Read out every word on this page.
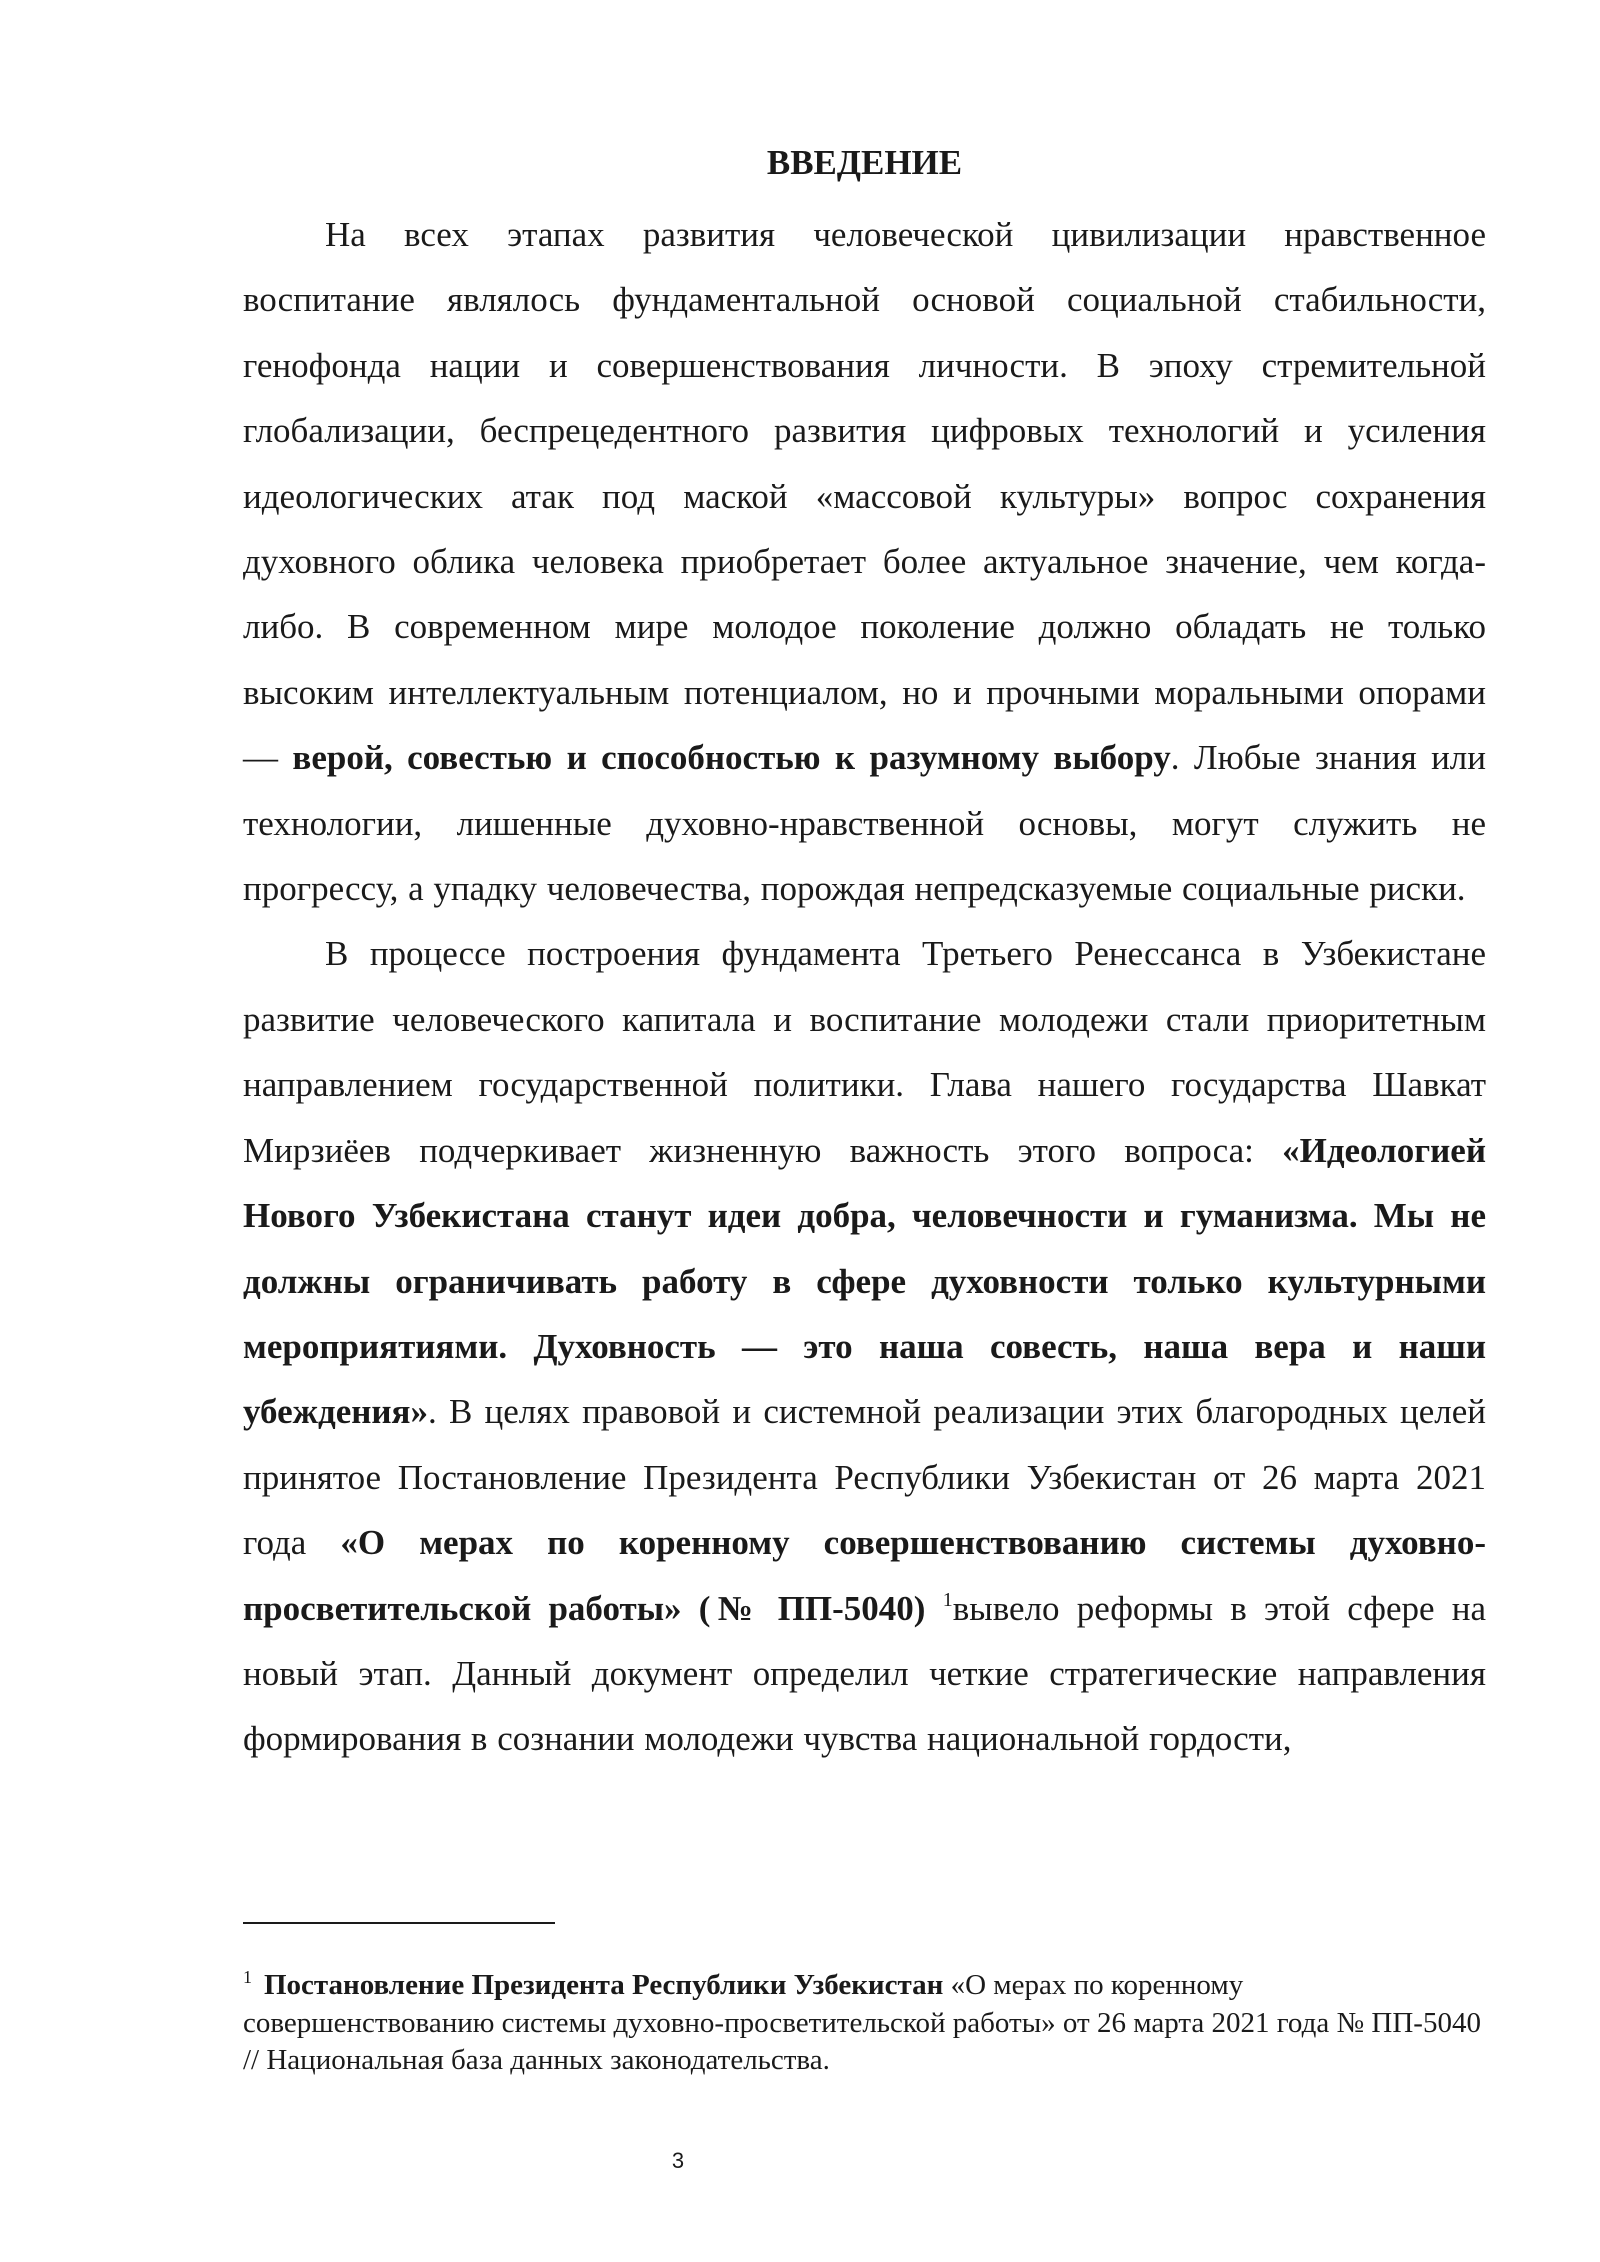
ВВЕДЕНИЕ

На всех этапах развития человеческой цивилизации нравственное воспитание являлось фундаментальной основой социальной стабильности, генофонда нации и совершенствования личности. В эпоху стремительной глобализации, беспрецедентного развития цифровых технологий и усиления идеологических атак под маской «массовой культуры» вопрос сохранения духовного облика человека приобретает более актуальное значение, чем когда-либо. В современном мире молодое поколение должно обладать не только высоким интеллектуальным потенциалом, но и прочными моральными опорами — верой, совестью и способностью к разумному выбору. Любые знания или технологии, лишенные духовно-нравственной основы, могут служить не прогрессу, а упадку человечества, порождая непредсказуемые социальные риски.

В процессе построения фундамента Третьего Ренессанса в Узбекистане развитие человеческого капитала и воспитание молодежи стали приоритетным направлением государственной политики. Глава нашего государства Шавкат Мирзиёев подчеркивает жизненную важность этого вопроса: «Идеологией Нового Узбекистана станут идеи добра, человечности и гуманизма. Мы не должны ограничивать работу в сфере духовности только культурными мероприятиями. Духовность — это наша совесть, наша вера и наши убеждения». В целях правовой и системной реализации этих благородных целей принятое Постановление Президента Республики Узбекистан от 26 марта 2021 года «О мерах по коренному совершенствованию системы духовно-просветительской работы» (№ ПП-5040) $^1$вывело реформы в этой сфере на новый этап. Данный документ определил четкие стратегические направления формирования в сознании молодежи чувства национальной гордости,

$^1$ Постановление Президента Республики Узбекистан «О мерах по коренному совершенствованию системы духовно-просветительской работы» от 26 марта 2021 года № ПП-5040 // Национальная база данных законодательства.
3
